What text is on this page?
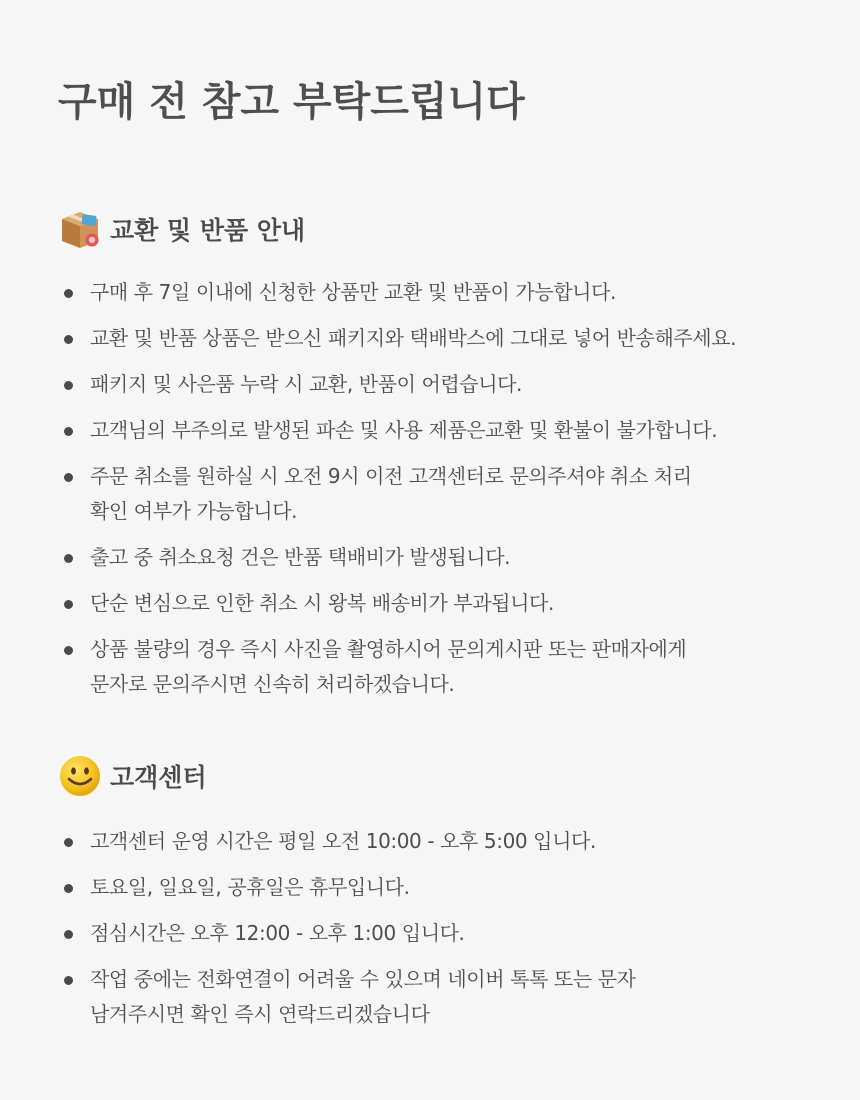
구매 전 참고 부탁드립니다
교환 및 반품 안내
구매 후 7일 이내에 신청한 상품만 교환 및 반품이 가능합니다.
교환 및 반품 상품은 받으신 패키지와 택배박스에 그대로 넣어 반송해주세요.
패키지 및 사은품 누락 시 교환, 반품이 어렵습니다.
고객님의 부주의로 발생된 파손 및 사용 제품은교환 및 환불이 불가합니다.
주문 취소를 원하실 시 오전 9시 이전 고객센터로 문의주셔야 취소 처리
확인 여부가 가능합니다.
출고 중 취소요청 건은 반품 택배비가 발생됩니다.
단순 변심으로 인한 취소 시 왕복 배송비가 부과됩니다.
상품 불량의 경우 즉시 사진을 촬영하시어 문의게시판 또는 판매자에게
문자로 문의주시면 신속히 처리하겠습니다.
고객센터
고객센터 운영 시간은 평일 오전 10:00 - 오후 5:00 입니다.
토요일, 일요일, 공휴일은 휴무입니다.
점심시간은 오후 12:00 - 오후 1:00 입니다.
작업 중에는 전화연결이 어려울 수 있으며 네이버 톡톡 또는 문자
남겨주시면 확인 즉시 연락드리겠습니다
